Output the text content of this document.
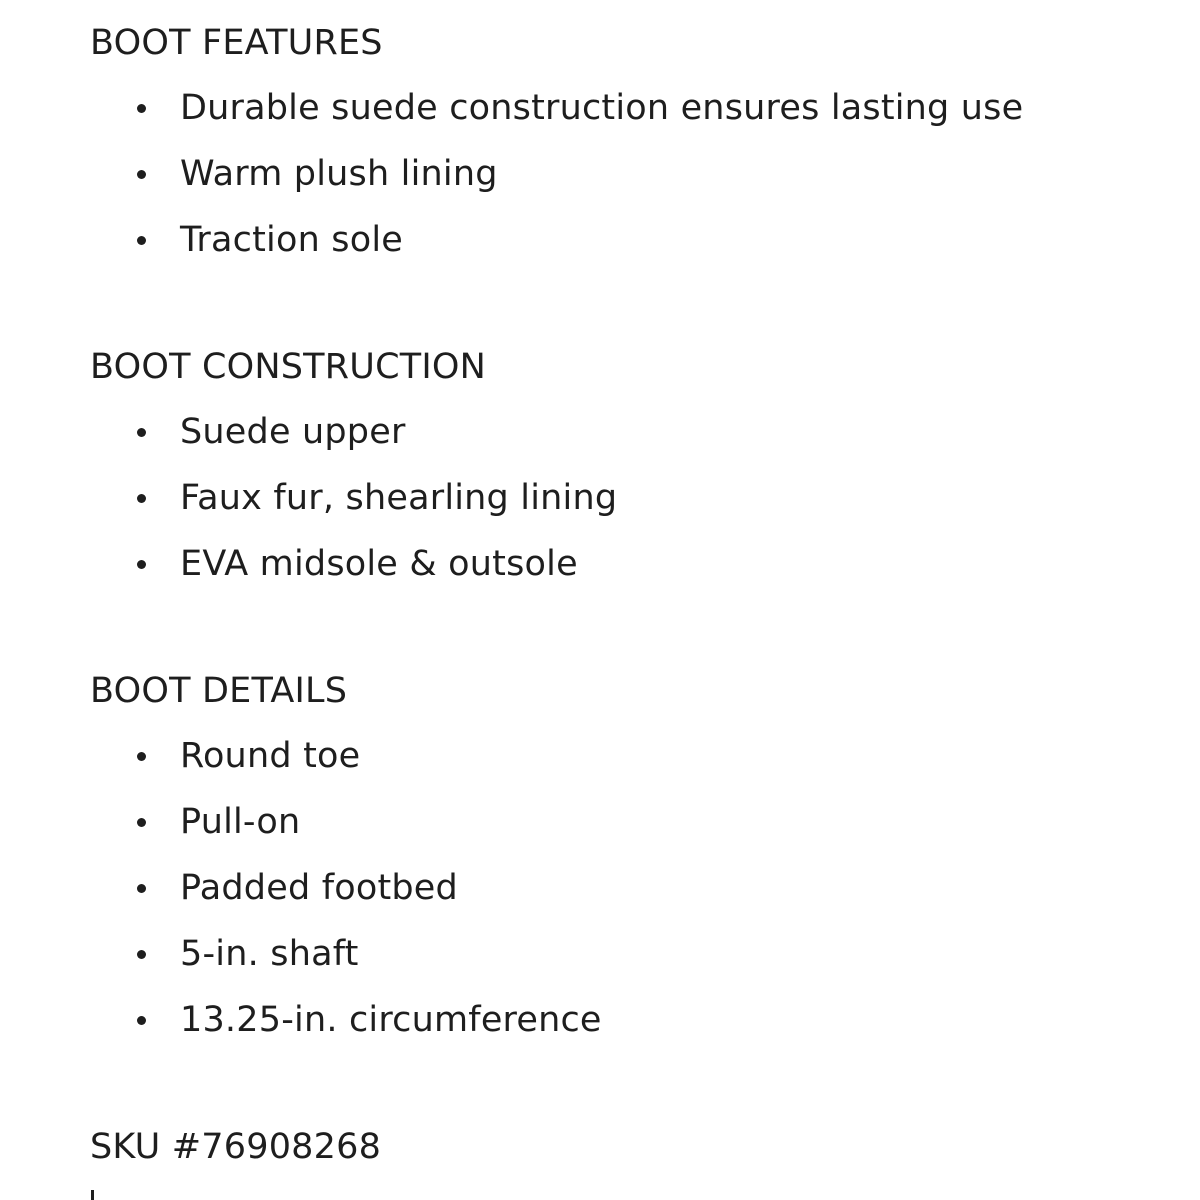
BOOT FEATURES
Durable suede construction ensures lasting use
Warm plush lining
Traction sole
BOOT CONSTRUCTION
Suede upper
Faux fur, shearling lining
EVA midsole & outsole
BOOT DETAILS
Round toe
Pull-on
Padded footbed
5-in. shaft
13.25-in. circumference

SKU #76908268
